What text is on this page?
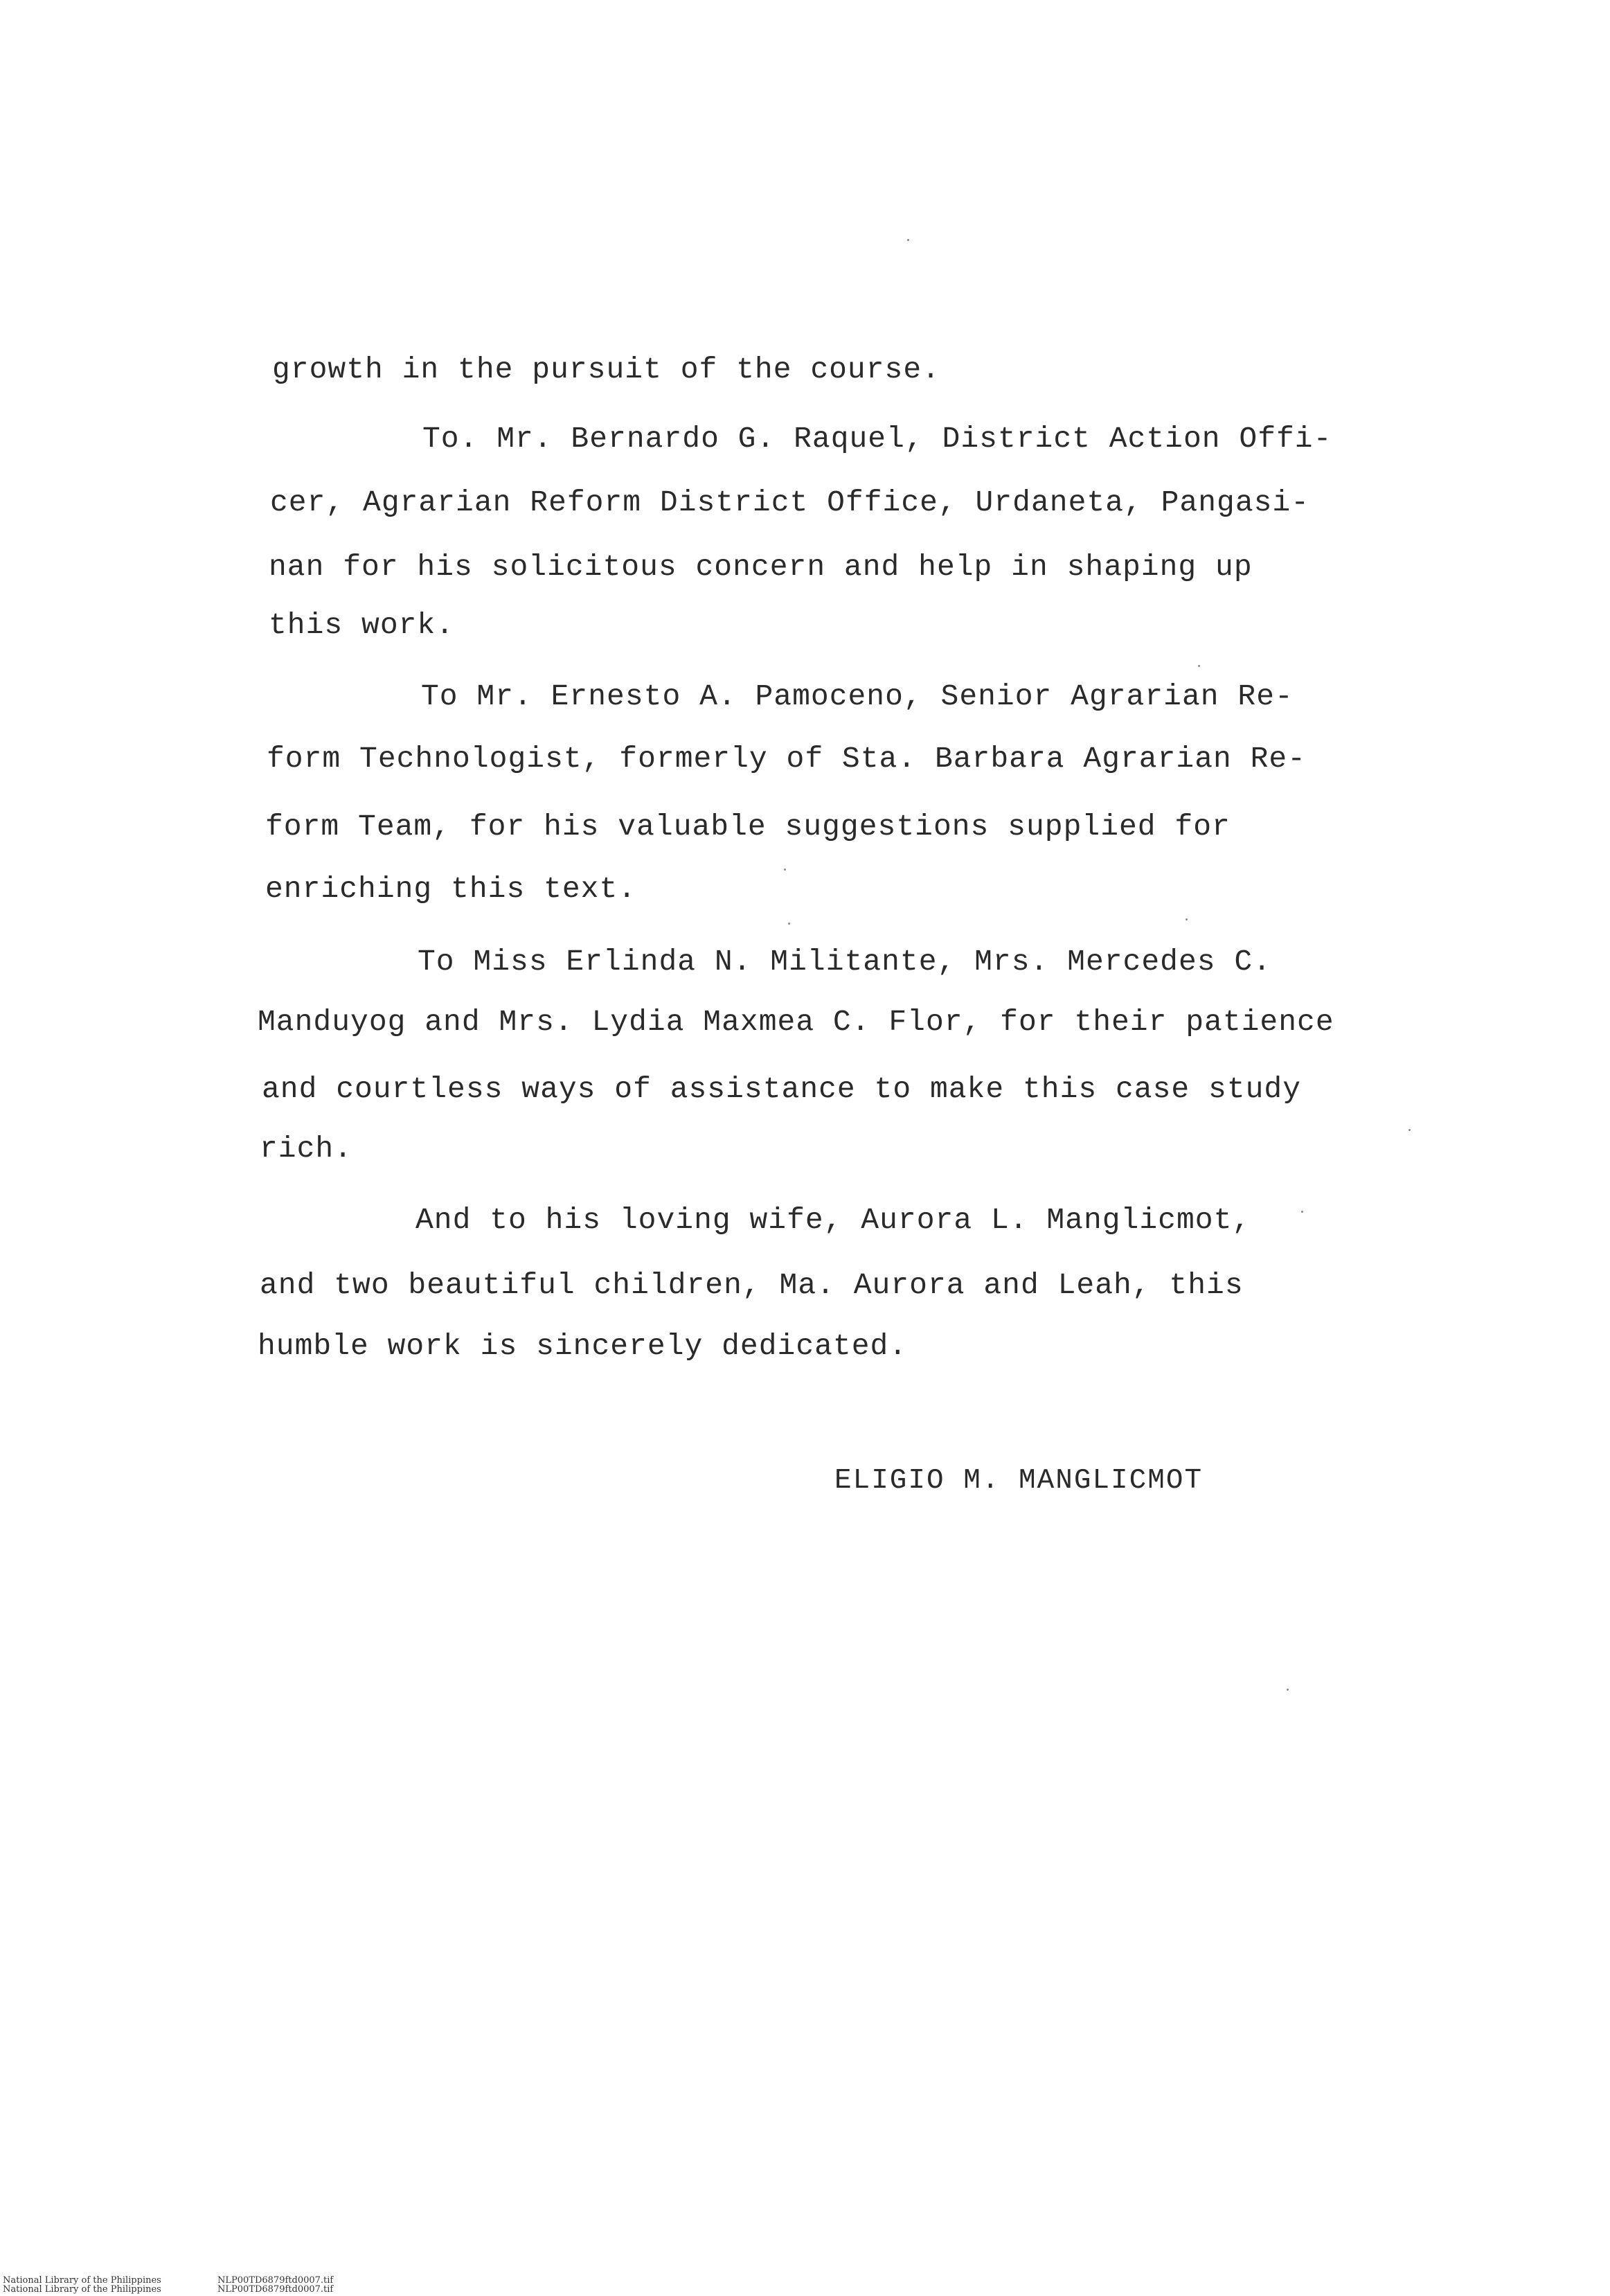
growth in the pursuit of the course.
To. Mr. Bernardo G. Raquel, District Action Offi-
cer, Agrarian Reform District Office, Urdaneta, Pangasi-
nan for his solicitous concern and help in shaping up
this work.
To Mr. Ernesto A. Pamoceno, Senior Agrarian Re-
form Technologist, formerly of Sta. Barbara Agrarian Re-
form Team, for his valuable suggestions supplied for
enriching this text.
To Miss Erlinda N. Militante, Mrs. Mercedes C.
Manduyog and Mrs. Lydia Maxmea C. Flor, for their patience
and courtless ways of assistance to make this case study
rich.
And to his loving wife, Aurora L. Manglicmot,
and two beautiful children, Ma. Aurora and Leah, this
humble work is sincerely dedicated.
ELIGIO M. MANGLICMOT
National Library of the Philippines	NLP00TD6879ftd0007.tif
National Library of the Philippines	NLP00TD6879ftd0007.tif
